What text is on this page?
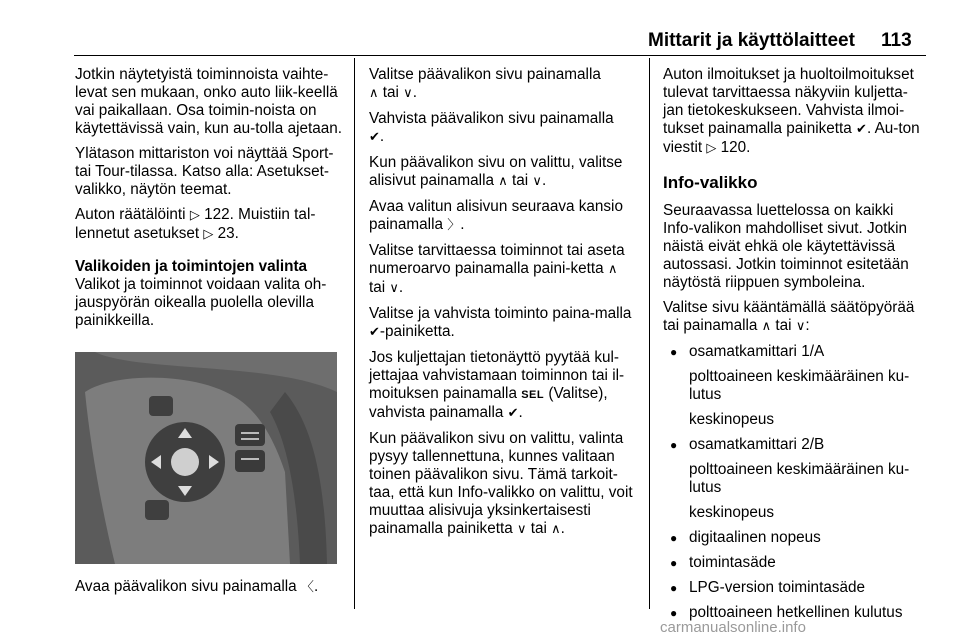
Mittarit ja käyttölaitteet 113

Jotkin näytetyistä toiminnoista vaihte-levat sen mukaan, onko auto liik-keellä vai paikallaan. Osa toimin-noista on käytettävissä vain, kun au-tolla ajetaan.

Ylätason mittariston voi näyttää Sport- tai Tour-tilassa. Katso alla: Asetukset-valikko, näytön teemat.

Auton räätälöinti ▷ 122. Muistiin tal-lennetut asetukset ▷ 23.

Valikoiden ja toimintojen valinta

Valikot ja toiminnot voidaan valita oh-jauspyörän oikealla puolella olevilla painikkeilla.

Avaa päävalikon sivu painamalla 〈.

Valitse päävalikon sivu painamalla
∧ tai ∨.

Vahvista päävalikon sivu painamalla
✔.

Kun päävalikon sivu on valittu, valitse alisivut painamalla ∧ tai ∨.

Avaa valitun alisivun seuraava kansio painamalla 〉.

Valitse tarvittaessa toiminnot tai aseta numeroarvo painamalla paini-ketta ∧ tai ∨.

Valitse ja vahvista toiminto paina-malla ✔-painiketta.

Jos kuljettajan tietonäyttö pyytää kul-jettajaa vahvistamaan toiminnon tai il-moituksen painamalla SEL (Valitse), vahvista painamalla ✔.

Kun päävalikon sivu on valittu, valinta pysyy tallennettuna, kunnes valitaan toinen päävalikon sivu. Tämä tarkoit-taa, että kun Info-valikko on valittu, voit muuttaa alisivuja yksinkertaisesti painamalla painiketta ∨ tai ∧.

Auton ilmoitukset ja huoltoilmoitukset tulevat tarvittaessa näkyviin kuljetta-jan tietokeskukseen. Vahvista ilmoi-tukset painamalla painiketta ✔. Au-ton viestit ▷ 120.

Info-valikko

Seuraavassa luettelossa on kaikki Info-valikon mahdolliset sivut. Jotkin näistä eivät ehkä ole käytettävissä autossasi. Jotkin toiminnot esitetään näytöstä riippuen symboleina.

Valitse sivu kääntämällä säätöpyörää tai painamalla ∧ tai ∨:

● osamatkamittari 1/A

polttoaineen keskimääräinen ku-lutus

keskinopeus

● osamatkamittari 2/B

polttoaineen keskimääräinen ku-lutus

keskinopeus

● digitaalinen nopeus
● toimintasäde
● LPG-version toimintasäde
● polttoaineen hetkellinen kulutus
carmanualsonline.info
